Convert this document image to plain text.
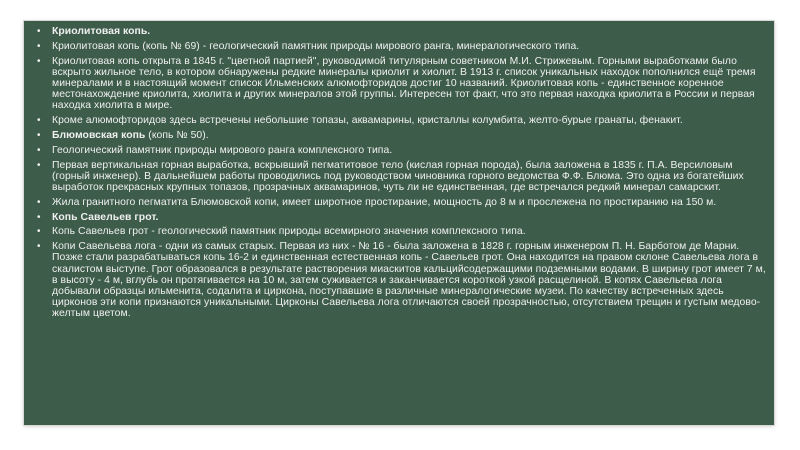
• Криолитовая копь.
• Криолитовая копь (копь № 69) - геологический памятник природы мирового ранга, минералогического типа.
• Криолитовая копь открыта в 1845 г. "цветной партией", руководимой титулярным советником М.И. Стрижевым. Горными выработками было вскрыто жильное тело, в котором обнаружены редкие минералы криолит и хиолит. В 1913 г. список уникальных находок пополнился ещё тремя минералами и в настоящий момент список Ильменских алюмофторидов достиг 10 названий. Криолитовая копь - единственное коренное местонахождение криолита, хиолита и других минералов этой группы. Интересен тот факт, что это первая находка криолита в России и первая находка хиолита в мире.
• Кроме алюмофторидов здесь встречены небольшие топазы, аквамарины, кристаллы колумбита, желто-бурые гранаты, фенакит.
• Блюмовская копь (копь № 50).
• Геологический памятник природы мирового ранга комплексного типа.
• Первая вертикальная горная выработка, вскрывший пегматитовое тело (кислая горная порода), была заложена в 1835 г. П.А. Версиловым (горный инженер). В дальнейшем работы проводились под руководством чиновника горного ведомства Ф.Ф. Блюма. Это одна из богатейших выработок прекрасных крупных топазов, прозрачных аквамаринов, чуть ли не единственная, где встречался редкий минерал самарскит.
• Жила гранитного пегматита Блюмовской копи, имеет широтное простирание, мощность до 8 м и прослежена по простиранию на 150 м.
• Копь Савельев грот.
• Копь Савельев грот - геологический памятник природы всемирного значения комплексного типа.
• Копи Савельева лога - одни из самых старых. Первая из них - № 16 - была заложена в 1828 г. горным инженером П. Н. Барботом де Марни. Позже стали разрабатываться копь 16-2 и единственная естественная копь - Савельев грот. Она находится на правом склоне Савельева лога в скалистом выступе. Грот образовался в результате растворения миаскитов кальцийсодержащими подземными водами. В ширину грот имеет 7 м, в высоту - 4 м, вглубь он протягивается на 10 м, затем суживается и заканчивается короткой узкой расщелиной. В копях Савельева лога добывали образцы ильменита, содалита и циркона, поступавшие в различные минералогические музеи. По качеству встреченных здесь цирконов эти копи признаются уникальными. Цирконы Савельева лога отличаются своей прозрачностью, отсутствием трещин и густым медово-желтым цветом.
